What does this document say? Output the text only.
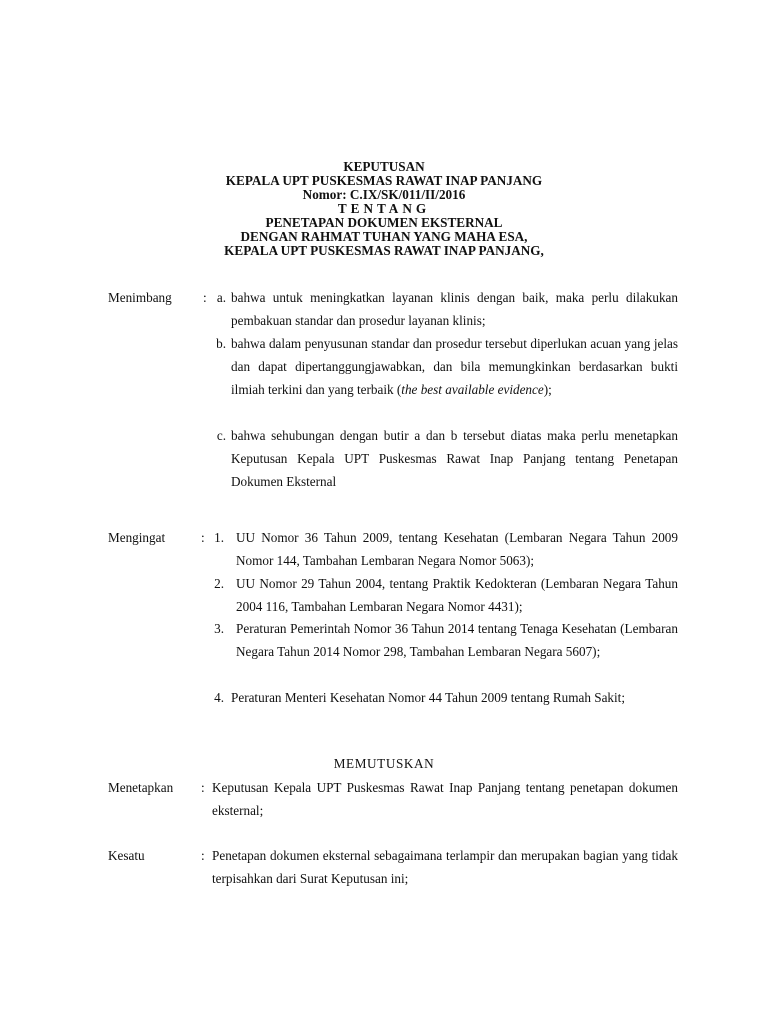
KEPUTUSAN
KEPALA UPT PUSKESMAS RAWAT INAP PANJANG
Nomor: C.IX/SK/011/II/2016
TENTANG
PENETAPAN DOKUMEN EKSTERNAL
DENGAN RAHMAT TUHAN YANG MAHA ESA,
KEPALA UPT PUSKESMAS RAWAT INAP PANJANG,
Menimbang : a. bahwa untuk meningkatkan layanan klinis dengan baik, maka perlu dilakukan pembakuan standar dan prosedur layanan klinis;
b. bahwa dalam penyusunan standar dan prosedur tersebut diperlukan acuan yang jelas dan dapat dipertanggungjawabkan, dan bila memungkinkan berdasarkan bukti ilmiah terkini dan yang terbaik (the best available evidence);
c. bahwa sehubungan dengan butir a dan b tersebut diatas maka perlu menetapkan Keputusan Kepala UPT Puskesmas Rawat Inap Panjang tentang Penetapan Dokumen Eksternal
Mengingat	: 1. UU Nomor 36 Tahun 2009, tentang Kesehatan (Lembaran Negara Tahun 2009 Nomor 144, Tambahan Lembaran Negara Nomor 5063);
2. UU Nomor 29 Tahun 2004, tentang Praktik Kedokteran (Lembaran Negara Tahun 2004 116, Tambahan Lembaran Negara Nomor 4431);
3. Peraturan Pemerintah Nomor 36 Tahun 2014 tentang Tenaga Kesehatan (Lembaran Negara Tahun 2014 Nomor 298, Tambahan Lembaran Negara 5607);
4. Peraturan Menteri Kesehatan Nomor 44 Tahun 2009 tentang Rumah Sakit;
MEMUTUSKAN
Menetapkan : Keputusan Kepala UPT Puskesmas Rawat Inap Panjang tentang penetapan dokumen eksternal;
Kesatu	: Penetapan dokumen eksternal sebagaimana terlampir dan merupakan bagian yang tidak terpisahkan dari Surat Keputusan ini;
